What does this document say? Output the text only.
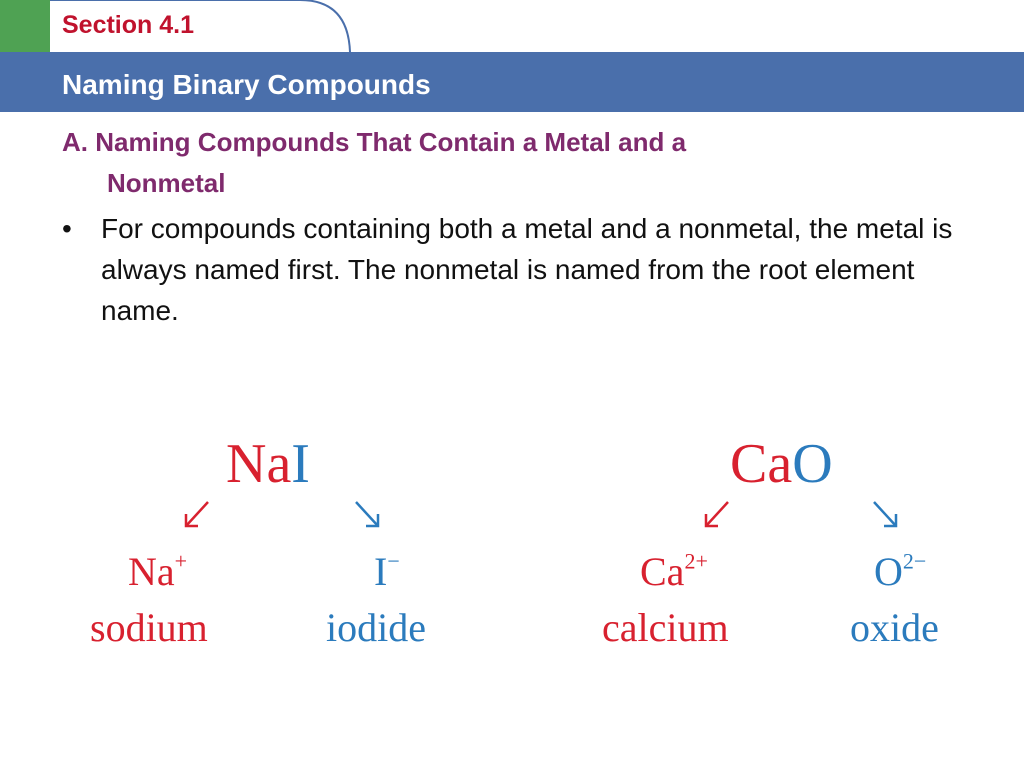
Section 4.1
Naming Binary Compounds
A. Naming Compounds That Contain a Metal and a
Nonmetal
• For compounds containing both a metal and a nonmetal, the metal is always named first. The nonmetal is named from the root element name.
NaI
Na+	I−
sodium	iodide
CaO
$Ca^{2+}$	$O^{2-}$
calcium	oxide
